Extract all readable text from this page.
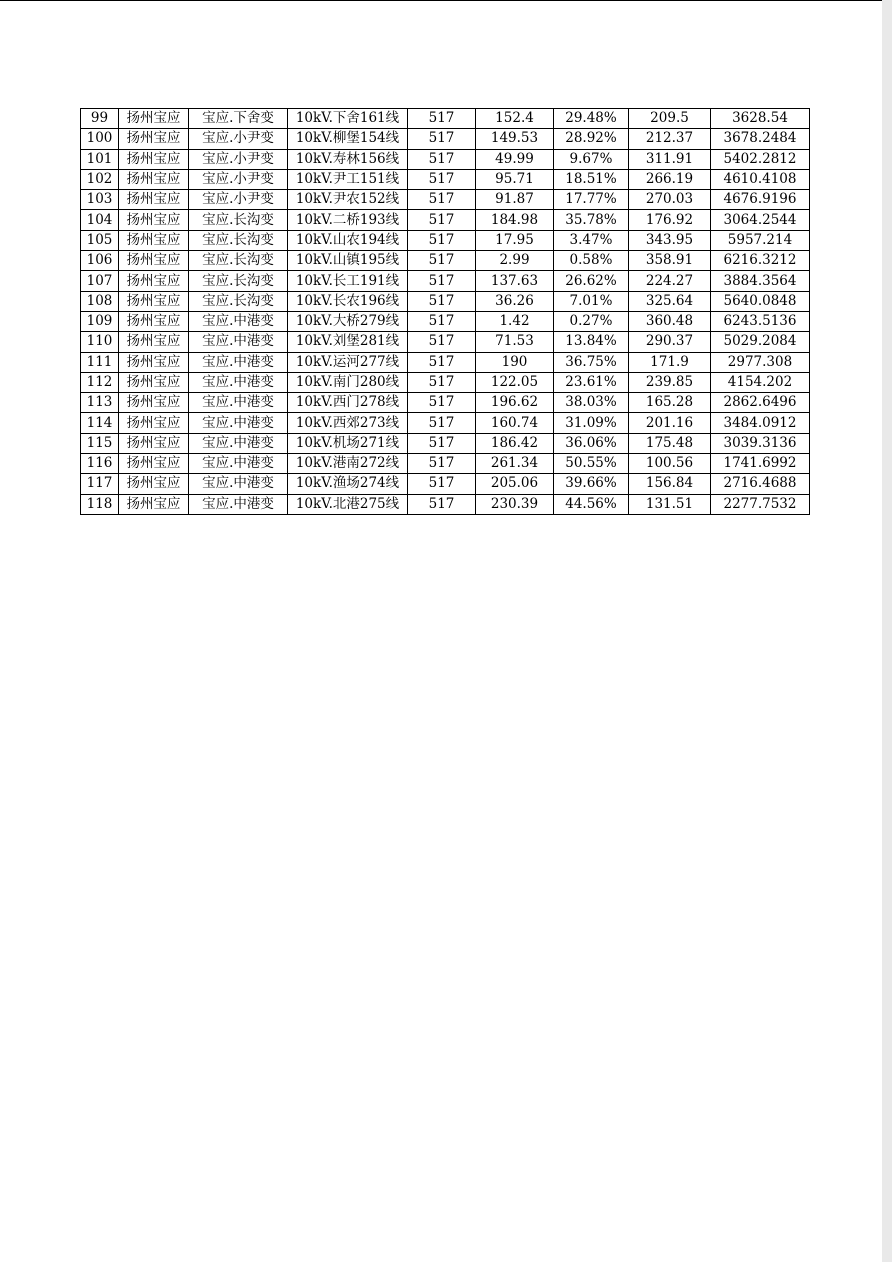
99	扬州宝应	宝应.下舍变	10kV.下舍161线	517	152.4	29.48%	209.5	3628.54
100	扬州宝应	宝应.小尹变	10kV.柳堡154线	517	149.53	28.92%	212.37	3678.2484
101	扬州宝应	宝应.小尹变	10kV.寿林156线	517	49.99	9.67%	311.91	5402.2812
102	扬州宝应	宝应.小尹变	10kV.尹工151线	517	95.71	18.51%	266.19	4610.4108
103	扬州宝应	宝应.小尹变	10kV.尹农152线	517	91.87	17.77%	270.03	4676.9196
104	扬州宝应	宝应.长沟变	10kV.二桥193线	517	184.98	35.78%	176.92	3064.2544
105	扬州宝应	宝应.长沟变	10kV.山农194线	517	17.95	3.47%	343.95	5957.214
106	扬州宝应	宝应.长沟变	10kV.山镇195线	517	2.99	0.58%	358.91	6216.3212
107	扬州宝应	宝应.长沟变	10kV.长工191线	517	137.63	26.62%	224.27	3884.3564
108	扬州宝应	宝应.长沟变	10kV.长农196线	517	36.26	7.01%	325.64	5640.0848
109	扬州宝应	宝应.中港变	10kV.大桥279线	517	1.42	0.27%	360.48	6243.5136
110	扬州宝应	宝应.中港变	10kV.刘堡281线	517	71.53	13.84%	290.37	5029.2084
111	扬州宝应	宝应.中港变	10kV.运河277线	517	190	36.75%	171.9	2977.308
112	扬州宝应	宝应.中港变	10kV.南门280线	517	122.05	23.61%	239.85	4154.202
113	扬州宝应	宝应.中港变	10kV.西门278线	517	196.62	38.03%	165.28	2862.6496
114	扬州宝应	宝应.中港变	10kV.西郊273线	517	160.74	31.09%	201.16	3484.0912
115	扬州宝应	宝应.中港变	10kV.机场271线	517	186.42	36.06%	175.48	3039.3136
116	扬州宝应	宝应.中港变	10kV.港南272线	517	261.34	50.55%	100.56	1741.6992
117	扬州宝应	宝应.中港变	10kV.渔场274线	517	205.06	39.66%	156.84	2716.4688
118	扬州宝应	宝应.中港变	10kV.北港275线	517	230.39	44.56%	131.51	2277.7532
